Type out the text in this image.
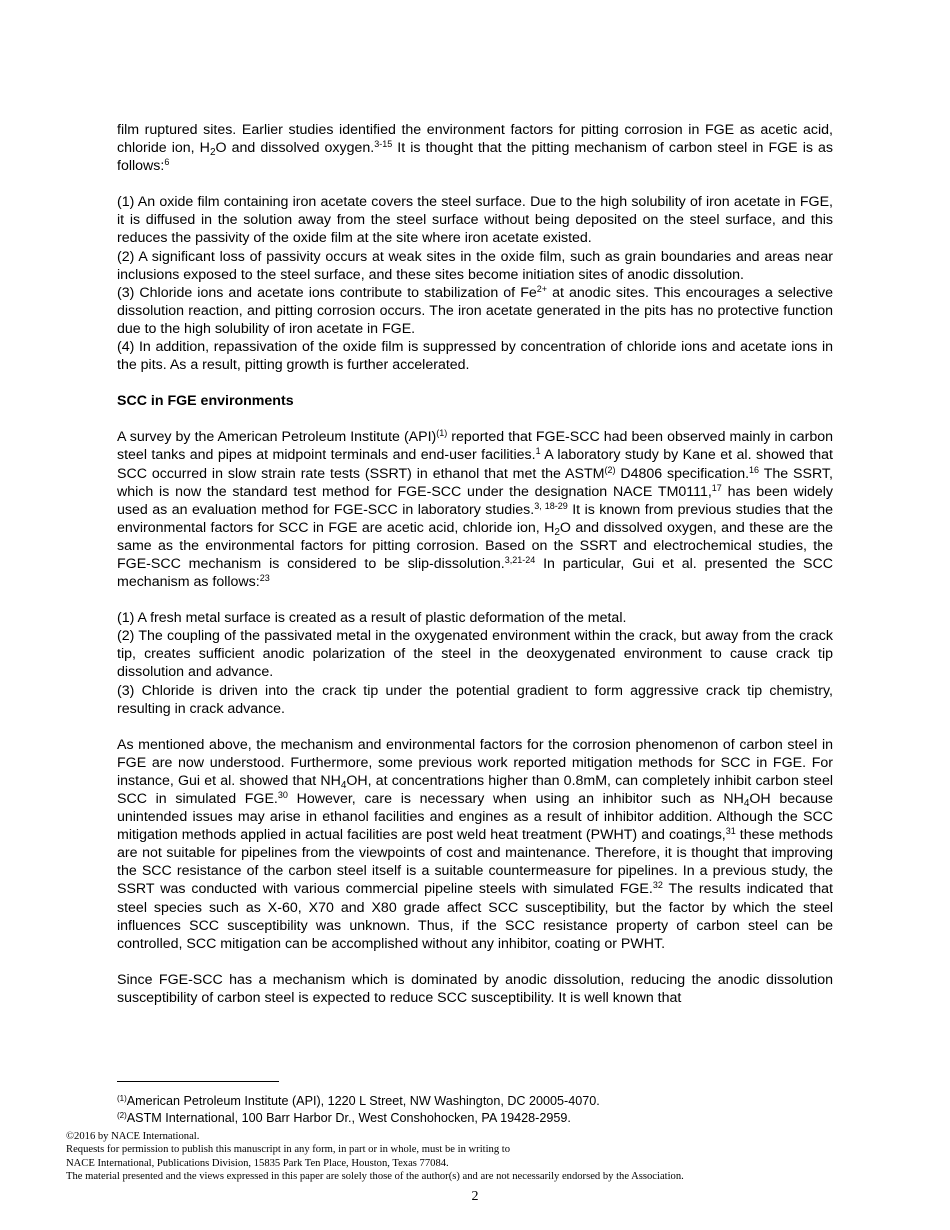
film ruptured sites. Earlier studies identified the environment factors for pitting corrosion in FGE as acetic acid, chloride ion, $H_2O$ and dissolved oxygen.$^{3-15}$ It is thought that the pitting mechanism of carbon steel in FGE is as follows:$^6$

(1) An oxide film containing iron acetate covers the steel surface. Due to the high solubility of iron acetate in FGE, it is diffused in the solution away from the steel surface without being deposited on the steel surface, and this reduces the passivity of the oxide film at the site where iron acetate existed.

(2) A significant loss of passivity occurs at weak sites in the oxide film, such as grain boundaries and areas near inclusions exposed to the steel surface, and these sites become initiation sites of anodic dissolution.

(3) Chloride ions and acetate ions contribute to stabilization of $Fe^{2+}$ at anodic sites. This encourages a selective dissolution reaction, and pitting corrosion occurs. The iron acetate generated in the pits has no protective function due to the high solubility of iron acetate in FGE.

(4) In addition, repassivation of the oxide film is suppressed by concentration of chloride ions and acetate ions in the pits. As a result, pitting growth is further accelerated.

SCC in FGE environments

A survey by the American Petroleum Institute (API)$^{(1)}$ reported that FGE-SCC had been observed mainly in carbon steel tanks and pipes at midpoint terminals and end-user facilities.$^1$ A laboratory study by Kane et al. showed that SCC occurred in slow strain rate tests (SSRT) in ethanol that met the ASTM$^{(2)}$ D4806 specification.$^{16}$ The SSRT, which is now the standard test method for FGE-SCC under the designation NACE TM0111,17 has been widely used as an evaluation method for FGE-SCC in laboratory studies.$^{3, 18-29}$ It is known from previous studies that the environmental factors for SCC in FGE are acetic acid, chloride ion, $H_2O$ and dissolved oxygen, and these are the same as the environmental factors for pitting corrosion. Based on the SSRT and electrochemical studies, the FGE-SCC mechanism is considered to be slip-dissolution.$^{3,21-24}$ In particular, Gui et al. presented the SCC mechanism as follows:$^{23}$

(1) A fresh metal surface is created as a result of plastic deformation of the metal.

(2) The coupling of the passivated metal in the oxygenated environment within the crack, but away from the crack tip, creates sufficient anodic polarization of the steel in the deoxygenated environment to cause crack tip dissolution and advance.

(3) Chloride is driven into the crack tip under the potential gradient to form aggressive crack tip chemistry, resulting in crack advance.

As mentioned above, the mechanism and environmental factors for the corrosion phenomenon of carbon steel in FGE are now understood. Furthermore, some previous work reported mitigation methods for SCC in FGE. For instance, Gui et al. showed that $NH_4OH$, at concentrations higher than 0.8mM, can completely inhibit carbon steel SCC in simulated FGE.$^{30}$ However, care is necessary when using an inhibitor such as $NH_4OH$ because unintended issues may arise in ethanol facilities and engines as a result of inhibitor addition. Although the SCC mitigation methods applied in actual facilities are post weld heat treatment (PWHT) and coatings,$^{31}$ these methods are not suitable for pipelines from the viewpoints of cost and maintenance. Therefore, it is thought that improving the SCC resistance of the carbon steel itself is a suitable countermeasure for pipelines. In a previous study, the SSRT was conducted with various commercial pipeline steels with simulated FGE.$^{32}$ The results indicated that steel species such as X-60, X70 and X80 grade affect SCC susceptibility, but the factor by which the steel influences SCC susceptibility was unknown. Thus, if the SCC resistance property of carbon steel can be controlled, SCC mitigation can be accomplished without any inhibitor, coating or PWHT.

Since FGE-SCC has a mechanism which is dominated by anodic dissolution, reducing the anodic dissolution susceptibility of carbon steel is expected to reduce SCC susceptibility. It is well known that

$^{(1)}$American Petroleum Institute (API), 1220 L Street, NW Washington, DC 20005-4070.

$^{(2)}$ASTM International, 100 Barr Harbor Dr., West Conshohocken, PA 19428-2959.

©2016 by NACE International.

Requests for permission to publish this manuscript in any form, in part or in whole, must be in writing to

NACE International, Publications Division, 15835 Park Ten Place, Houston, Texas 77084.

The material presented and the views expressed in this paper are solely those of the author(s) and are not necessarily endorsed by the Association.

2
